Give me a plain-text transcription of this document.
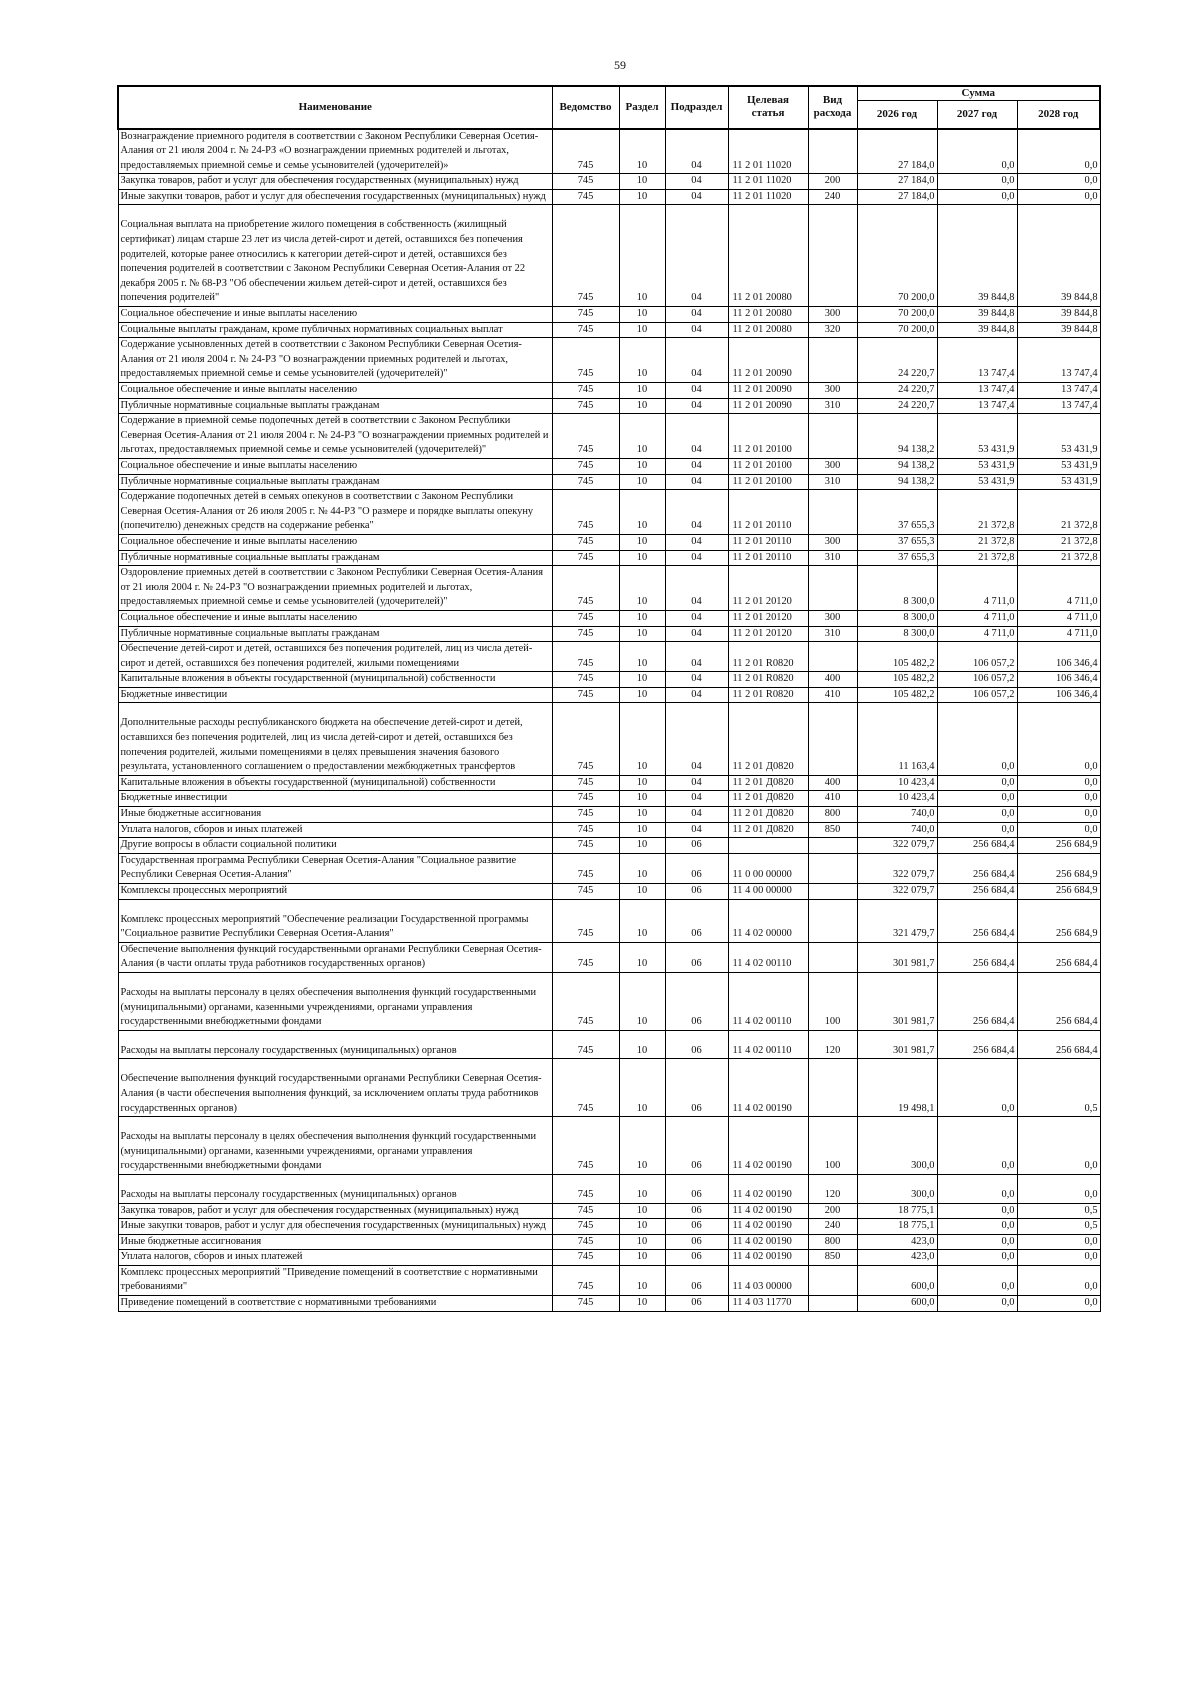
59
Наименование	Ведомство	Раздел	Подраздел	Целевая статья	Вид расхода	Сумма		
						2026 год	2027 год	2028 год
Вознаграждение приемного родителя в соответствии с Законом Республики Северная Осетия-Алания от 21 июля 2004 г. № 24-РЗ «О вознаграждении приемных родителей и льготах, предоставляемых приемной семье и семье усыновителей (удочерителей)»	745	10	04	11 2 01 11020		27 184,0	0,0	0,0
Закупка товаров, работ и услуг для обеспечения государственных (муниципальных) нужд	745	10	04	11 2 01 11020	200	27 184,0	0,0	0,0
Иные закупки товаров, работ и услуг для обеспечения государственных (муниципальных) нужд	745	10	04	11 2 01 11020	240	27 184,0	0,0	0,0
Социальная выплата на приобретение жилого помещения в собственность (жилищный сертификат) лицам старше 23 лет из числа детей-сирот и детей, оставшихся без попечения родителей, которые ранее относились к категории детей-сирот и детей, оставшихся без попечения родителей в соответствии с Законом Республики Северная Осетия-Алания от 22 декабря 2005 г. № 68-РЗ "Об обеспечении жильем детей-сирот и детей, оставшихся без попечения родителей"	745	10	04	11 2 01 20080		70 200,0	39 844,8	39 844,8
Социальное обеспечение и иные выплаты населению	745	10	04	11 2 01 20080	300	70 200,0	39 844,8	39 844,8
Социальные выплаты гражданам, кроме публичных нормативных социальных выплат	745	10	04	11 2 01 20080	320	70 200,0	39 844,8	39 844,8
Содержание усыновленных детей в соответствии с Законом Республики Северная Осетия-Алания от 21 июля 2004 г. № 24-РЗ "О вознаграждении приемных родителей и льготах, предоставляемых приемной семье и семье усыновителей (удочерителей)"	745	10	04	11 2 01 20090		24 220,7	13 747,4	13 747,4
Социальное обеспечение и иные выплаты населению	745	10	04	11 2 01 20090	300	24 220,7	13 747,4	13 747,4
Публичные нормативные социальные выплаты гражданам	745	10	04	11 2 01 20090	310	24 220,7	13 747,4	13 747,4
Содержание в приемной семье подопечных детей в соответствии с Законом Республики Северная Осетия-Алания от 21 июля 2004 г. № 24-РЗ "О вознаграждении приемных родителей и льготах, предоставляемых приемной семье и семье усыновителей (удочерителей)"	745	10	04	11 2 01 20100		94 138,2	53 431,9	53 431,9
Социальное обеспечение и иные выплаты населению	745	10	04	11 2 01 20100	300	94 138,2	53 431,9	53 431,9
Публичные нормативные социальные выплаты гражданам	745	10	04	11 2 01 20100	310	94 138,2	53 431,9	53 431,9
Содержание подопечных детей в семьях опекунов в соответствии с Законом Республики Северная Осетия-Алания от 26 июля 2005 г. № 44-РЗ "О размере и порядке выплаты опекуну (попечителю) денежных средств на содержание ребенка"	745	10	04	11 2 01 20110		37 655,3	21 372,8	21 372,8
Социальное обеспечение и иные выплаты населению	745	10	04	11 2 01 20110	300	37 655,3	21 372,8	21 372,8
Публичные нормативные социальные выплаты гражданам	745	10	04	11 2 01 20110	310	37 655,3	21 372,8	21 372,8
Оздоровление приемных детей в соответствии с Законом Республики Северная Осетия-Алания от 21 июля 2004 г. № 24-РЗ "О вознаграждении приемных родителей и льготах, предоставляемых приемной семье и семье усыновителей (удочерителей)"	745	10	04	11 2 01 20120		8 300,0	4 711,0	4 711,0
Социальное обеспечение и иные выплаты населению	745	10	04	11 2 01 20120	300	8 300,0	4 711,0	4 711,0
Публичные нормативные социальные выплаты гражданам	745	10	04	11 2 01 20120	310	8 300,0	4 711,0	4 711,0
Обеспечение детей-сирот и детей, оставшихся без попечения родителей, лиц из числа детей-сирот и детей, оставшихся без попечения родителей, жилыми помещениями	745	10	04	11 2 01 R0820		105 482,2	106 057,2	106 346,4
Капитальные вложения в объекты государственной (муниципальной) собственности	745	10	04	11 2 01 R0820	400	105 482,2	106 057,2	106 346,4
Бюджетные инвестиции	745	10	04	11 2 01 R0820	410	105 482,2	106 057,2	106 346,4
Дополнительные расходы республиканского бюджета на обеспечение детей-сирот и детей, оставшихся без попечения родителей, лиц из числа детей-сирот и детей, оставшихся без попечения родителей, жилыми помещениями в целях превышения значения базового результата, установленного соглашением о предоставлении межбюджетных трансфертов	745	10	04	11 2 01 Д0820		11 163,4	0,0	0,0
Капитальные вложения в объекты государственной (муниципальной) собственности	745	10	04	11 2 01 Д0820	400	10 423,4	0,0	0,0
Бюджетные инвестиции	745	10	04	11 2 01 Д0820	410	10 423,4	0,0	0,0
Иные бюджетные ассигнования	745	10	04	11 2 01 Д0820	800	740,0	0,0	0,0
Уплата налогов, сборов и иных платежей	745	10	04	11 2 01 Д0820	850	740,0	0,0	0,0
Другие вопросы в области социальной политики	745	10	06			322 079,7	256 684,4	256 684,9
Государственная программа Республики Северная Осетия-Алания "Социальное развитие Республики Северная Осетия-Алания"	745	10	06	11 0 00 00000		322 079,7	256 684,4	256 684,9
Комплексы процессных мероприятий	745	10	06	11 4 00 00000		322 079,7	256 684,4	256 684,9
Комплекс процессных мероприятий "Обеспечение реализации Государственной программы "Социальное развитие Республики Северная Осетия-Алания"	745	10	06	11 4 02 00000		321 479,7	256 684,4	256 684,9
Обеспечение выполнения функций государственными органами Республики Северная Осетия-Алания (в части оплаты труда работников государственных органов)	745	10	06	11 4 02 00110		301 981,7	256 684,4	256 684,4
Расходы на выплаты персоналу в целях обеспечения выполнения функций государственными (муниципальными) органами, казенными учреждениями, органами управления государственными внебюджетными фондами	745	10	06	11 4 02 00110	100	301 981,7	256 684,4	256 684,4
Расходы на выплаты персоналу государственных (муниципальных) органов	745	10	06	11 4 02 00110	120	301 981,7	256 684,4	256 684,4
Обеспечение выполнения функций государственными органами Республики Северная Осетия-Алания (в части обеспечения выполнения функций, за исключением оплаты труда работников государственных органов)	745	10	06	11 4 02 00190		19 498,1	0,0	0,5
Расходы на выплаты персоналу в целях обеспечения выполнения функций государственными (муниципальными) органами, казенными учреждениями, органами управления государственными внебюджетными фондами	745	10	06	11 4 02 00190	100	300,0	0,0	0,0
Расходы на выплаты персоналу государственных (муниципальных) органов	745	10	06	11 4 02 00190	120	300,0	0,0	0,0
Закупка товаров, работ и услуг для обеспечения государственных (муниципальных) нужд	745	10	06	11 4 02 00190	200	18 775,1	0,0	0,5
Иные закупки товаров, работ и услуг для обеспечения государственных (муниципальных) нужд	745	10	06	11 4 02 00190	240	18 775,1	0,0	0,5
Иные бюджетные ассигнования	745	10	06	11 4 02 00190	800	423,0	0,0	0,0
Уплата налогов, сборов и иных платежей	745	10	06	11 4 02 00190	850	423,0	0,0	0,0
Комплекс процессных мероприятий "Приведение помещений в соответствие с нормативными требованиями"	745	10	06	11 4 03 00000		600,0	0,0	0,0
Приведение помещений в соответствие с нормативными требованиями	745	10	06	11 4 03 11770		600,0	0,0	0,0
